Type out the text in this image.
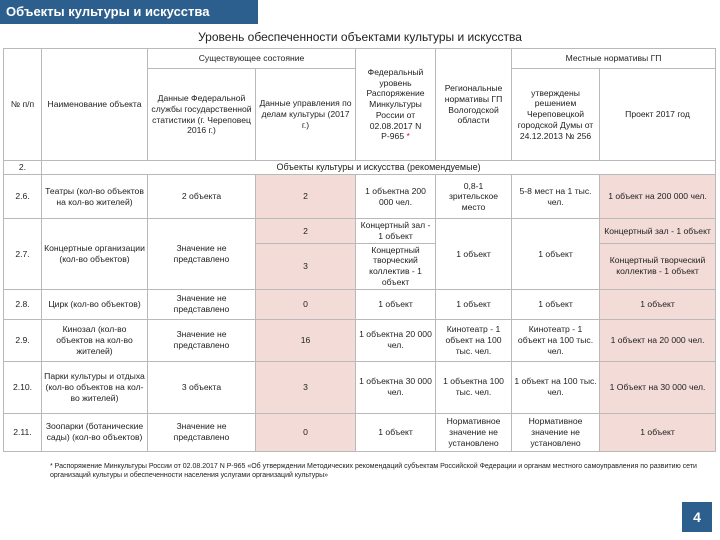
Объекты культуры и искусства
Уровень обеспеченности объектами культуры и искусства
№ п/п	Наименование объекта	Существующее состояние		Федеральный уровень Распоряжение Минкультуры России от 02.08.2017 N Р-965 *	Региональные нормативы ГП Вологодской области	Местные нормативы ГП	
		Данные Федеральной службы государственной статистики (г. Череповец 2016 г.)	Данные управления по делам культуры (2017 г.)			утверждены решением Череповецкой городской Думы от 24.12.2013 № 256	Проект 2017 год
2.	Объекты культуры и искусства (рекомендуемые)						
2.6.	Театры (кол-во объектов на кол-во жителей)	2 объекта	2	1 объектна 200 000 чел.	0,8-1 зрительское место	5-8 мест на 1 тыс. чел.	1 объект на 200 000 чел.
2.7.	Концертные организации (кол-во объектов)	Значение не представлено	2	Концертный зал - 1 объект	1 объект	1 объект	Концертный зал - 1 объект
			3	Концертный творческий коллектив - 1 объект			Концертный творческий коллектив - 1 объект
2.8.	Цирк (кол-во объектов)	Значение не представлено	0	1 объект	1 объект	1 объект	1 объект
2.9.	Кинозал (кол-во объектов на кол-во жителей)	Значение не представлено	16	1 объектна 20 000 чел.	Кинотеатр - 1 объект на 100 тыс. чел.	Кинотеатр - 1 объект на 100 тыс. чел.	1 объект на 20 000 чел.
2.10.	Парки культуры и отдыха (кол-во объектов на кол-во жителей)	3 объекта	3	1 объектна 30 000 чел.	1 объектна 100 тыс. чел.	1 объект на 100 тыс. чел.	1 Объект на 30 000 чел.
2.11.	Зоопарки (ботанические сады) (кол-во объектов)	Значение не представлено	0	1 объект	Нормативное значение не установлено	Нормативное значение не установлено	1 объект
* Распоряжение Минкультуры России от 02.08.2017 N Р-965 «Об утверждении Методических рекомендаций субъектам Российской Федерации и органам местного самоуправления по развитию сети организаций культуры и обеспеченности населения услугами организаций культуры»
4
